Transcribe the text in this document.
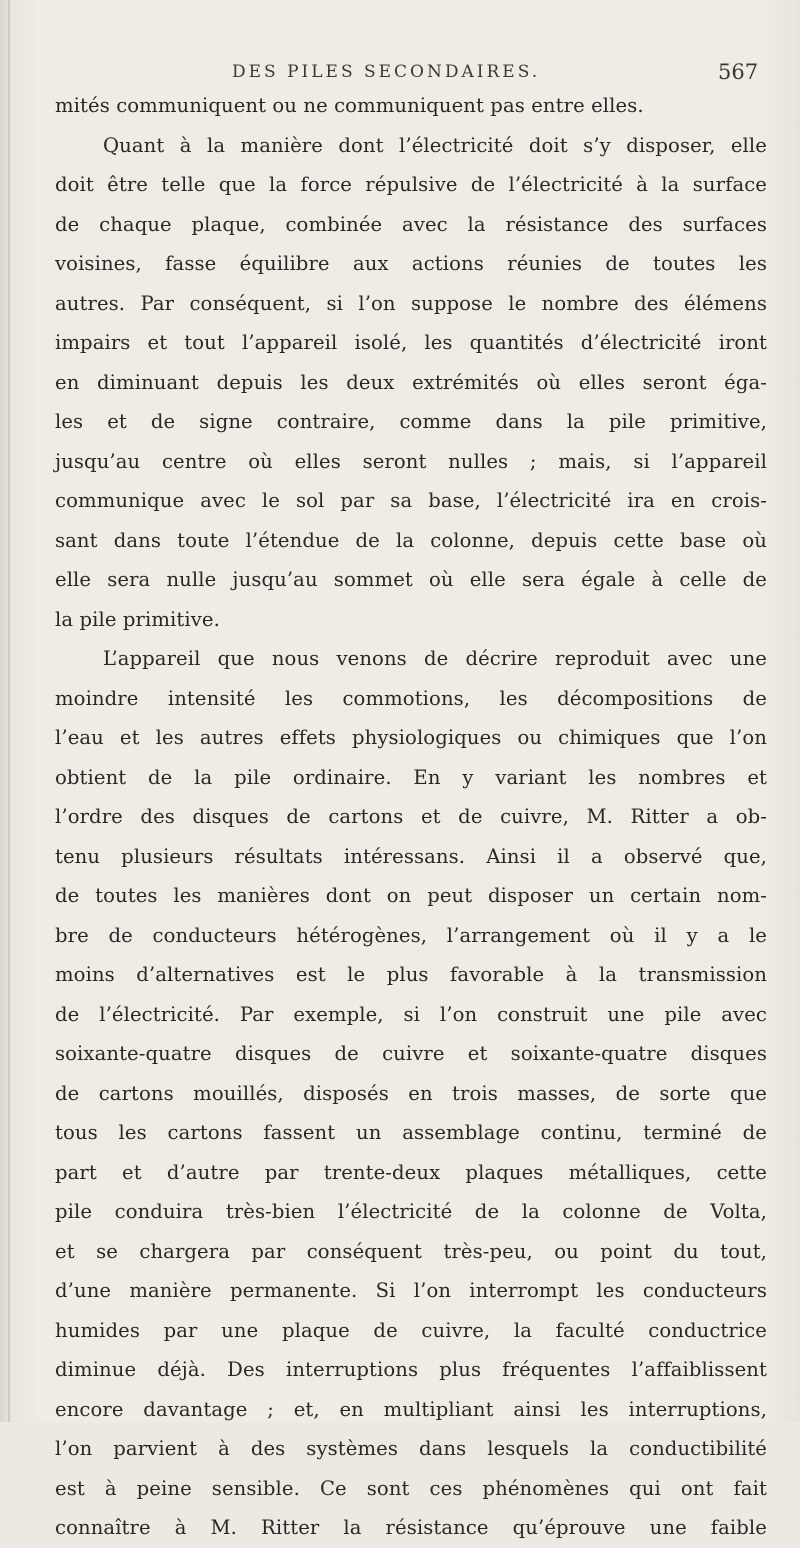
DES PILES SECONDAIRES.	567
mités communiquent ou ne communiquent pas entre elles.
Quant à la manière dont l’électricité doit s’y disposer, elle
doit être telle que la force répulsive de l’électricité à la surface
de chaque plaque, combinée avec la résistance des surfaces
voisines, fasse équilibre aux actions réunies de toutes les
autres. Par conséquent, si l’on suppose le nombre des élémens
impairs et tout l’appareil isolé, les quantités d’électricité iront
en diminuant depuis les deux extrémités où elles seront éga-
les et de signe contraire, comme dans la pile primitive,
jusqu’au centre où elles seront nulles ; mais, si l’appareil
communique avec le sol par sa base, l’électricité ira en crois-
sant dans toute l’étendue de la colonne, depuis cette base où
elle sera nulle jusqu’au sommet où elle sera égale à celle de
la pile primitive.
L’appareil que nous venons de décrire reproduit avec une
moindre intensité les commotions, les décompositions de
l’eau et les autres effets physiologiques ou chimiques que l’on
obtient de la pile ordinaire. En y variant les nombres et
l’ordre des disques de cartons et de cuivre, M. Ritter a ob-
tenu plusieurs résultats intéressans. Ainsi il a observé que,
de toutes les manières dont on peut disposer un certain nom-
bre de conducteurs hétérogènes, l’arrangement où il y a le
moins d’alternatives est le plus favorable à la transmission
de l’électricité. Par exemple, si l’on construit une pile avec
soixante-quatre disques de cuivre et soixante-quatre disques
de cartons mouillés, disposés en trois masses, de sorte que
tous les cartons fassent un assemblage continu, terminé de
part et d’autre par trente-deux plaques métalliques, cette
pile conduira très-bien l’électricité de la colonne de Volta,
et se chargera par conséquent très-peu, ou point du tout,
d’une manière permanente. Si l’on interrompt les conducteurs
humides par une plaque de cuivre, la faculté conductrice
diminue déjà. Des interruptions plus fréquentes l’affaiblissent
encore davantage ; et, en multipliant ainsi les interruptions,
l’on parvient à des systèmes dans lesquels la conductibilité
est à peine sensible. Ce sont ces phénomènes qui ont fait
connaître à M. Ritter la résistance qu’éprouve une faible
